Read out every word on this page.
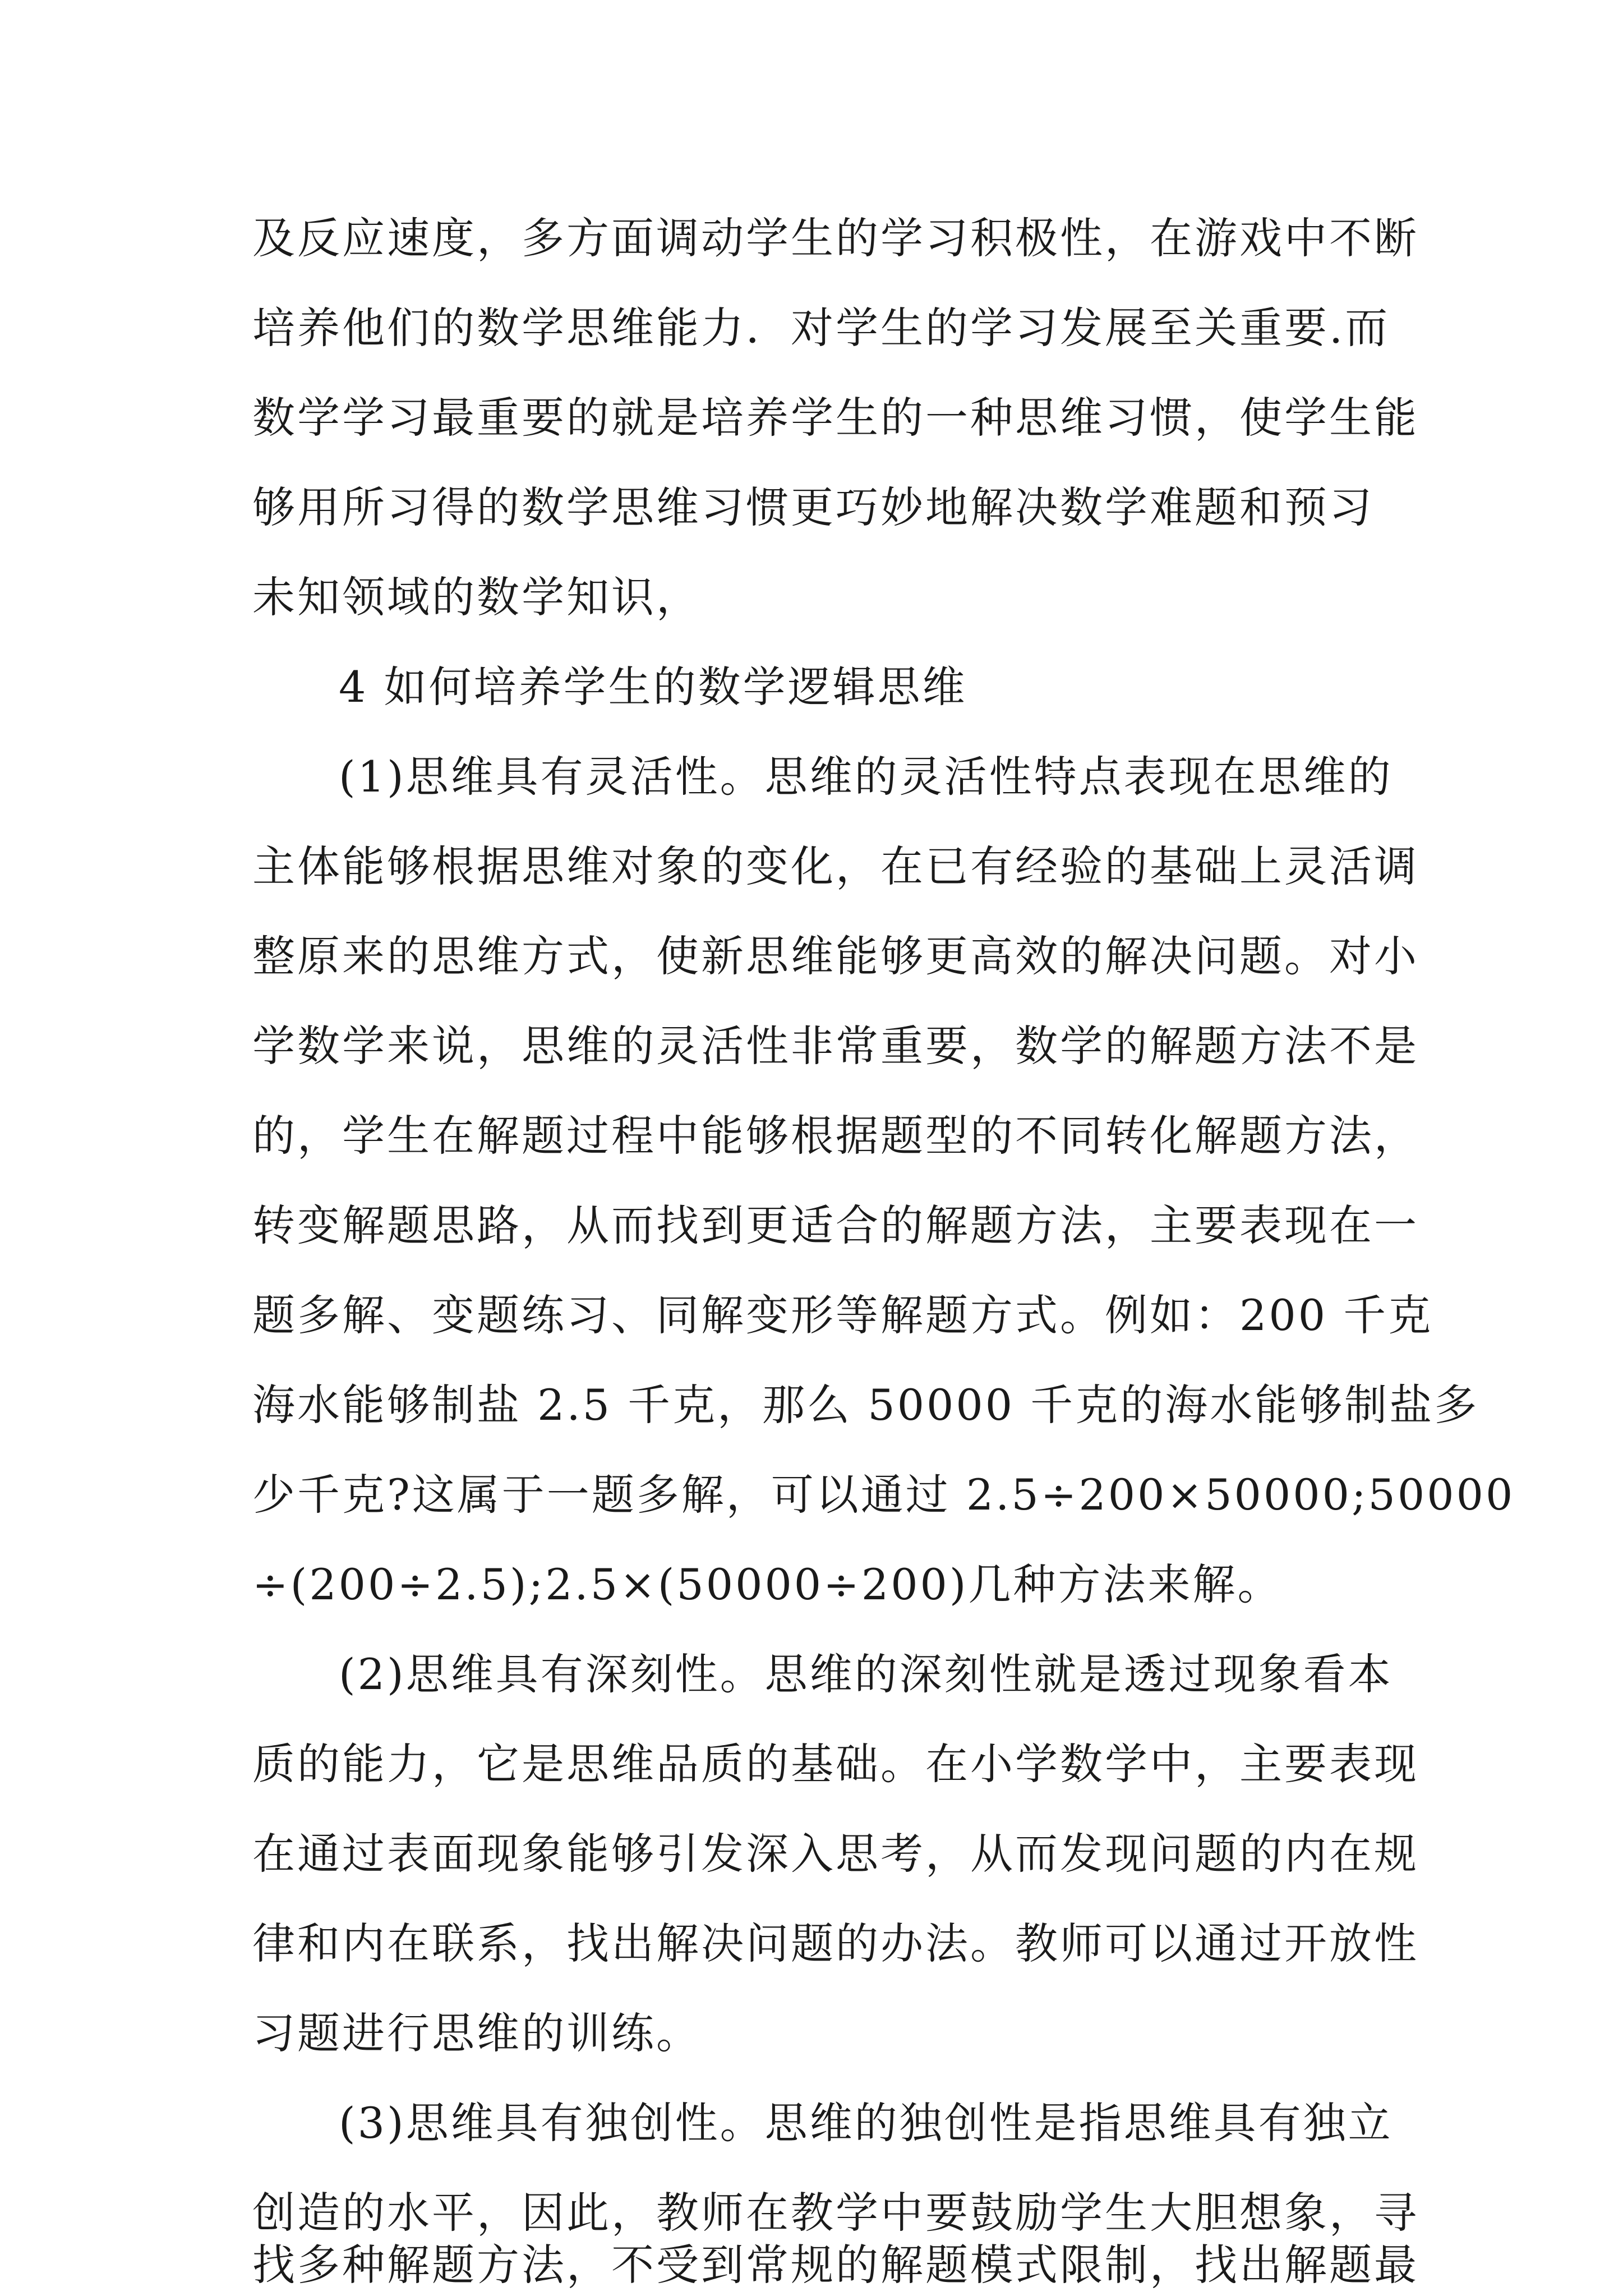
及反应速度，多方面调动学生的学习积极性，在游戏中不断
培养他们的数学思维能力．对学生的学习发展至关重要.而
数学学习最重要的就是培养学生的一种思维习惯，使学生能
够用所习得的数学思维习惯更巧妙地解决数学难题和预习
未知领域的数学知识，
4 如何培养学生的数学逻辑思维
(1)思维具有灵活性。思维的灵活性特点表现在思维的
主体能够根据思维对象的变化，在已有经验的基础上灵活调
整原来的思维方式，使新思维能够更高效的解决问题。对小
学数学来说，思维的灵活性非常重要，数学的解题方法不是
的，学生在解题过程中能够根据题型的不同转化解题方法，
转变解题思路，从而找到更适合的解题方法，主要表现在一
题多解、变题练习、同解变形等解题方式。例如：200 千克
海水能够制盐 2.5 千克，那么 50000 千克的海水能够制盐多
少千克?这属于一题多解，可以通过 2.5÷200×50000;50000
÷(200÷2.5);2.5×(50000÷200)几种方法来解。
(2)思维具有深刻性。思维的深刻性就是透过现象看本
质的能力，它是思维品质的基础。在小学数学中，主要表现
在通过表面现象能够引发深入思考，从而发现问题的内在规
律和内在联系，找出解决问题的办法。教师可以通过开放性
习题进行思维的训练。
(3)思维具有独创性。思维的独创性是指思维具有独立
创造的水平，因此，教师在教学中要鼓励学生大胆想象，寻
找多种解题方法，不受到常规的解题模式限制，找出解题最
